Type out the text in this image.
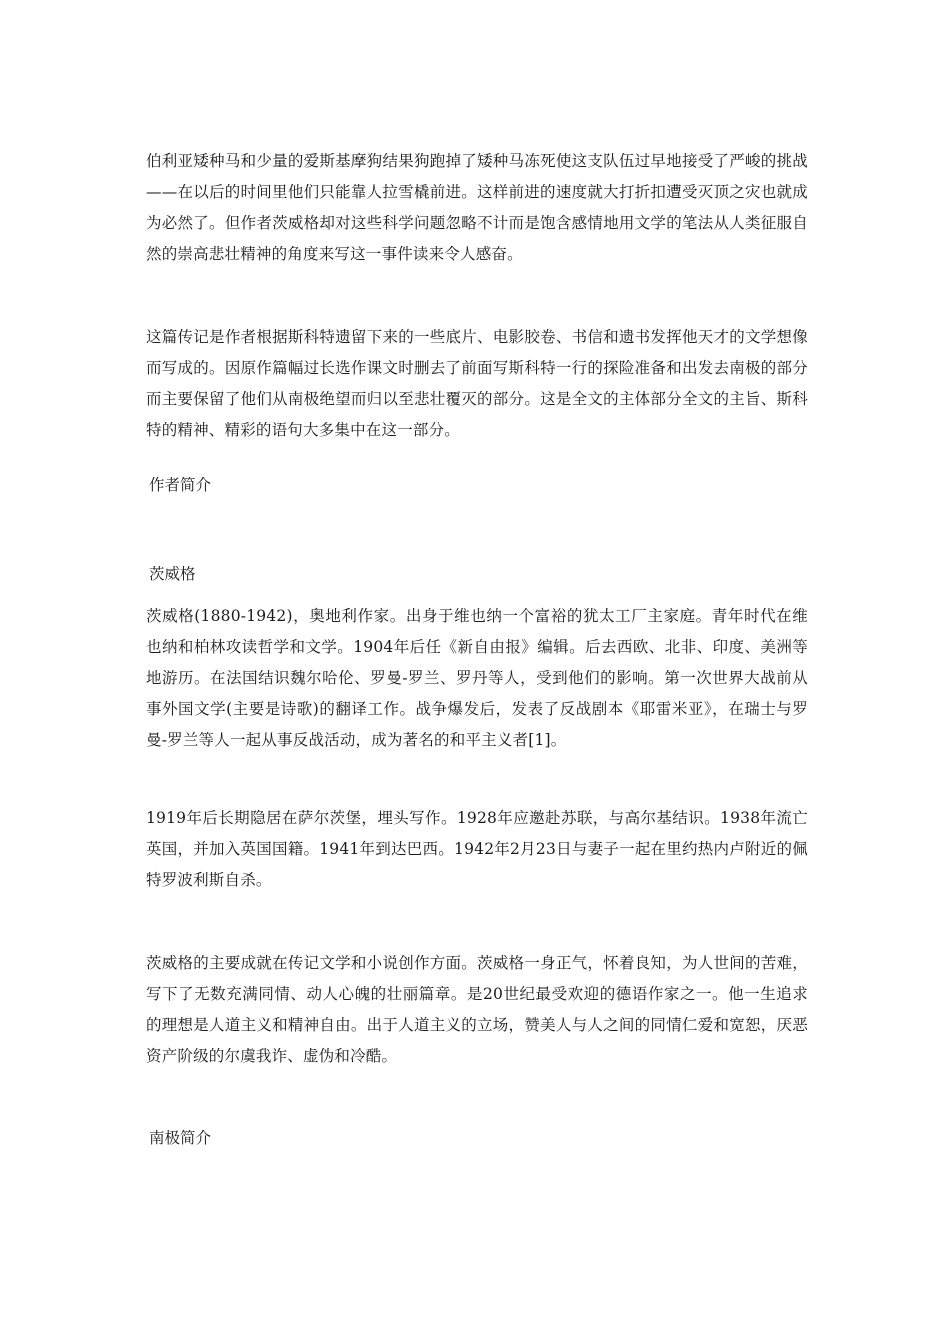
伯利亚矮种马和少量的爱斯基摩狗结果狗跑掉了矮种马冻死使这支队伍过早地接受了严峻的挑战——在以后的时间里他们只能靠人拉雪橇前进。这样前进的速度就大打折扣遭受灭顶之灾也就成为必然了。但作者茨威格却对这些科学问题忽略不计而是饱含感情地用文学的笔法从人类征服自然的崇高悲壮精神的角度来写这一事件读来令人感奋。

这篇传记是作者根据斯科特遗留下来的一些底片、电影胶卷、书信和遗书发挥他天才的文学想像而写成的。因原作篇幅过长选作课文时删去了前面写斯科特一行的探险准备和出发去南极的部分而主要保留了他们从南极绝望而归以至悲壮覆灭的部分。这是全文的主体部分全文的主旨、斯科特的精神、精彩的语句大多集中在这一部分。

作者简介

茨威格

茨威格(1880-1942)，奥地利作家。出身于维也纳一个富裕的犹太工厂主家庭。青年时代在维也纳和柏林攻读哲学和文学。1904年后任《新自由报》编辑。后去西欧、北非、印度、美洲等地游历。在法国结识魏尔哈伦、罗曼-罗兰、罗丹等人，受到他们的影响。第一次世界大战前从事外国文学(主要是诗歌)的翻译工作。战争爆发后，发表了反战剧本《耶雷米亚》，在瑞士与罗曼-罗兰等人一起从事反战活动，成为著名的和平主义者[1]。

1919年后长期隐居在萨尔茨堡，埋头写作。1928年应邀赴苏联，与高尔基结识。1938年流亡英国，并加入英国国籍。1941年到达巴西。1942年2月23日与妻子一起在里约热内卢附近的佩特罗波利斯自杀。

茨威格的主要成就在传记文学和小说创作方面。茨威格一身正气，怀着良知，为人世间的苦难，写下了无数充满同情、动人心魄的壮丽篇章。是20世纪最受欢迎的德语作家之一。他一生追求的理想是人道主义和精神自由。出于人道主义的立场，赞美人与人之间的同情仁爱和宽恕，厌恶资产阶级的尔虞我诈、虚伪和冷酷。

南极简介
